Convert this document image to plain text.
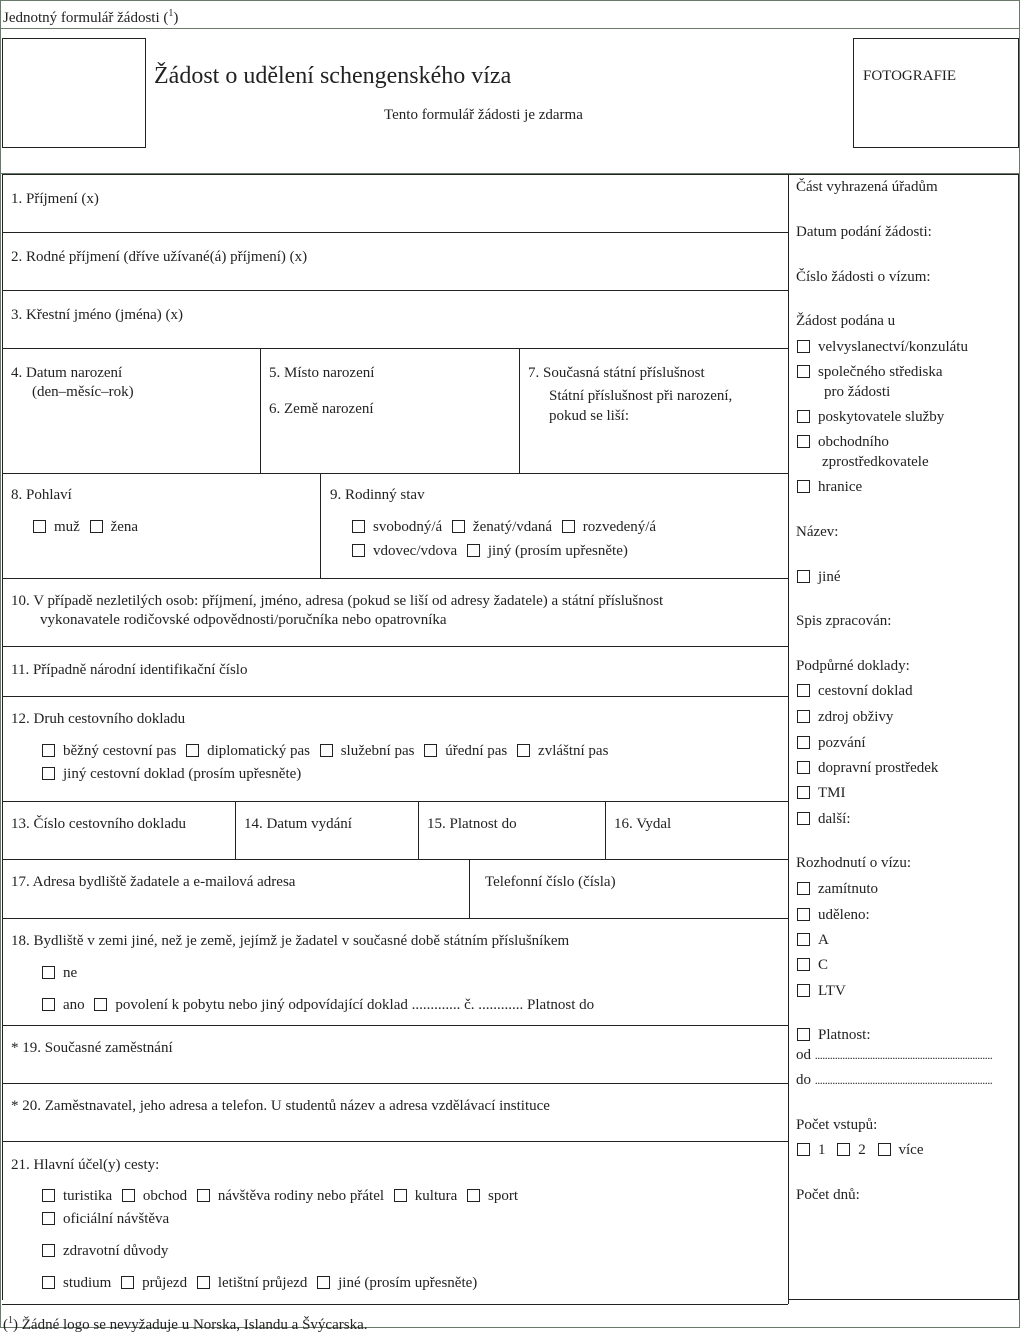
Jednotný formulář žádosti ($^1$)
Žádost o udělení schengenského víza
Tento formulář žádosti je zdarma
FOTOGRAFIE
1. Příjmení (x)
2. Rodné příjmení (dříve užívané(á) příjmení) (x)
3. Křestní jméno (jména) (x)
4. Datum narození
(den–měsíc–rok)
5. Místo narození
6. Země narození
7. Současná státní příslušnost
Státní příslušnost při narození,
pokud se liší:
8. Pohlaví
muž žena
9. Rodinný stav
svobodný/á ženatý/vdaná rozvedený/á
vdovec/vdova jiný (prosím upřesněte)
10. V případě nezletilých osob: příjmení, jméno, adresa (pokud se liší od adresy žadatele) a státní příslušnost
vykonavatele rodičovské odpovědnosti/poručníka nebo opatrovníka
11. Případně národní identifikační číslo
12. Druh cestovního dokladu
běžný cestovní pas diplomatický pas služební pas úřední pas zvláštní pas
jiný cestovní doklad (prosím upřesněte)
13. Číslo cestovního dokladu	14. Datum vydání	15. Platnost do	16. Vydal
17. Adresa bydliště žadatele a e-mailová adresa	Telefonní číslo (čísla)
18. Bydliště v zemi jiné, než je země, jejímž je žadatel v současné době státním příslušníkem
ne
ano povolení k pobytu nebo jiný odpovídající doklad ............. č. ............ Platnost do
* 19. Současné zaměstnání
* 20. Zaměstnavatel, jeho adresa a telefon. U studentů název a adresa vzdělávací instituce
21. Hlavní účel(y) cesty:
turistika obchod návštěva rodiny nebo přátel kultura sport
oficiální návštěva
zdravotní důvody
studium průjezd letištní průjezd jiné (prosím upřesněte)
Část vyhrazená úřadům
Datum podání žádosti:
Číslo žádosti o vízum:
Žádost podána u
velvyslanectví/konzulátu
společného střediska
pro žádosti
poskytovatele služby
obchodního
zprostředkovatele
hranice
Název:
jiné
Spis zpracován:
Podpůrné doklady:
cestovní doklad
zdroj obživy
pozvání
dopravní prostředek
TMI
další:
Rozhodnutí o vízu:
zamítnuto
uděleno:
A
C
LTV
Platnost:
od .......................................................................
do .......................................................................
Počet vstupů:
1 2 více
Počet dnů:
($^1$) Žádné logo se nevyžaduje u Norska, Islandu a Švýcarska.
